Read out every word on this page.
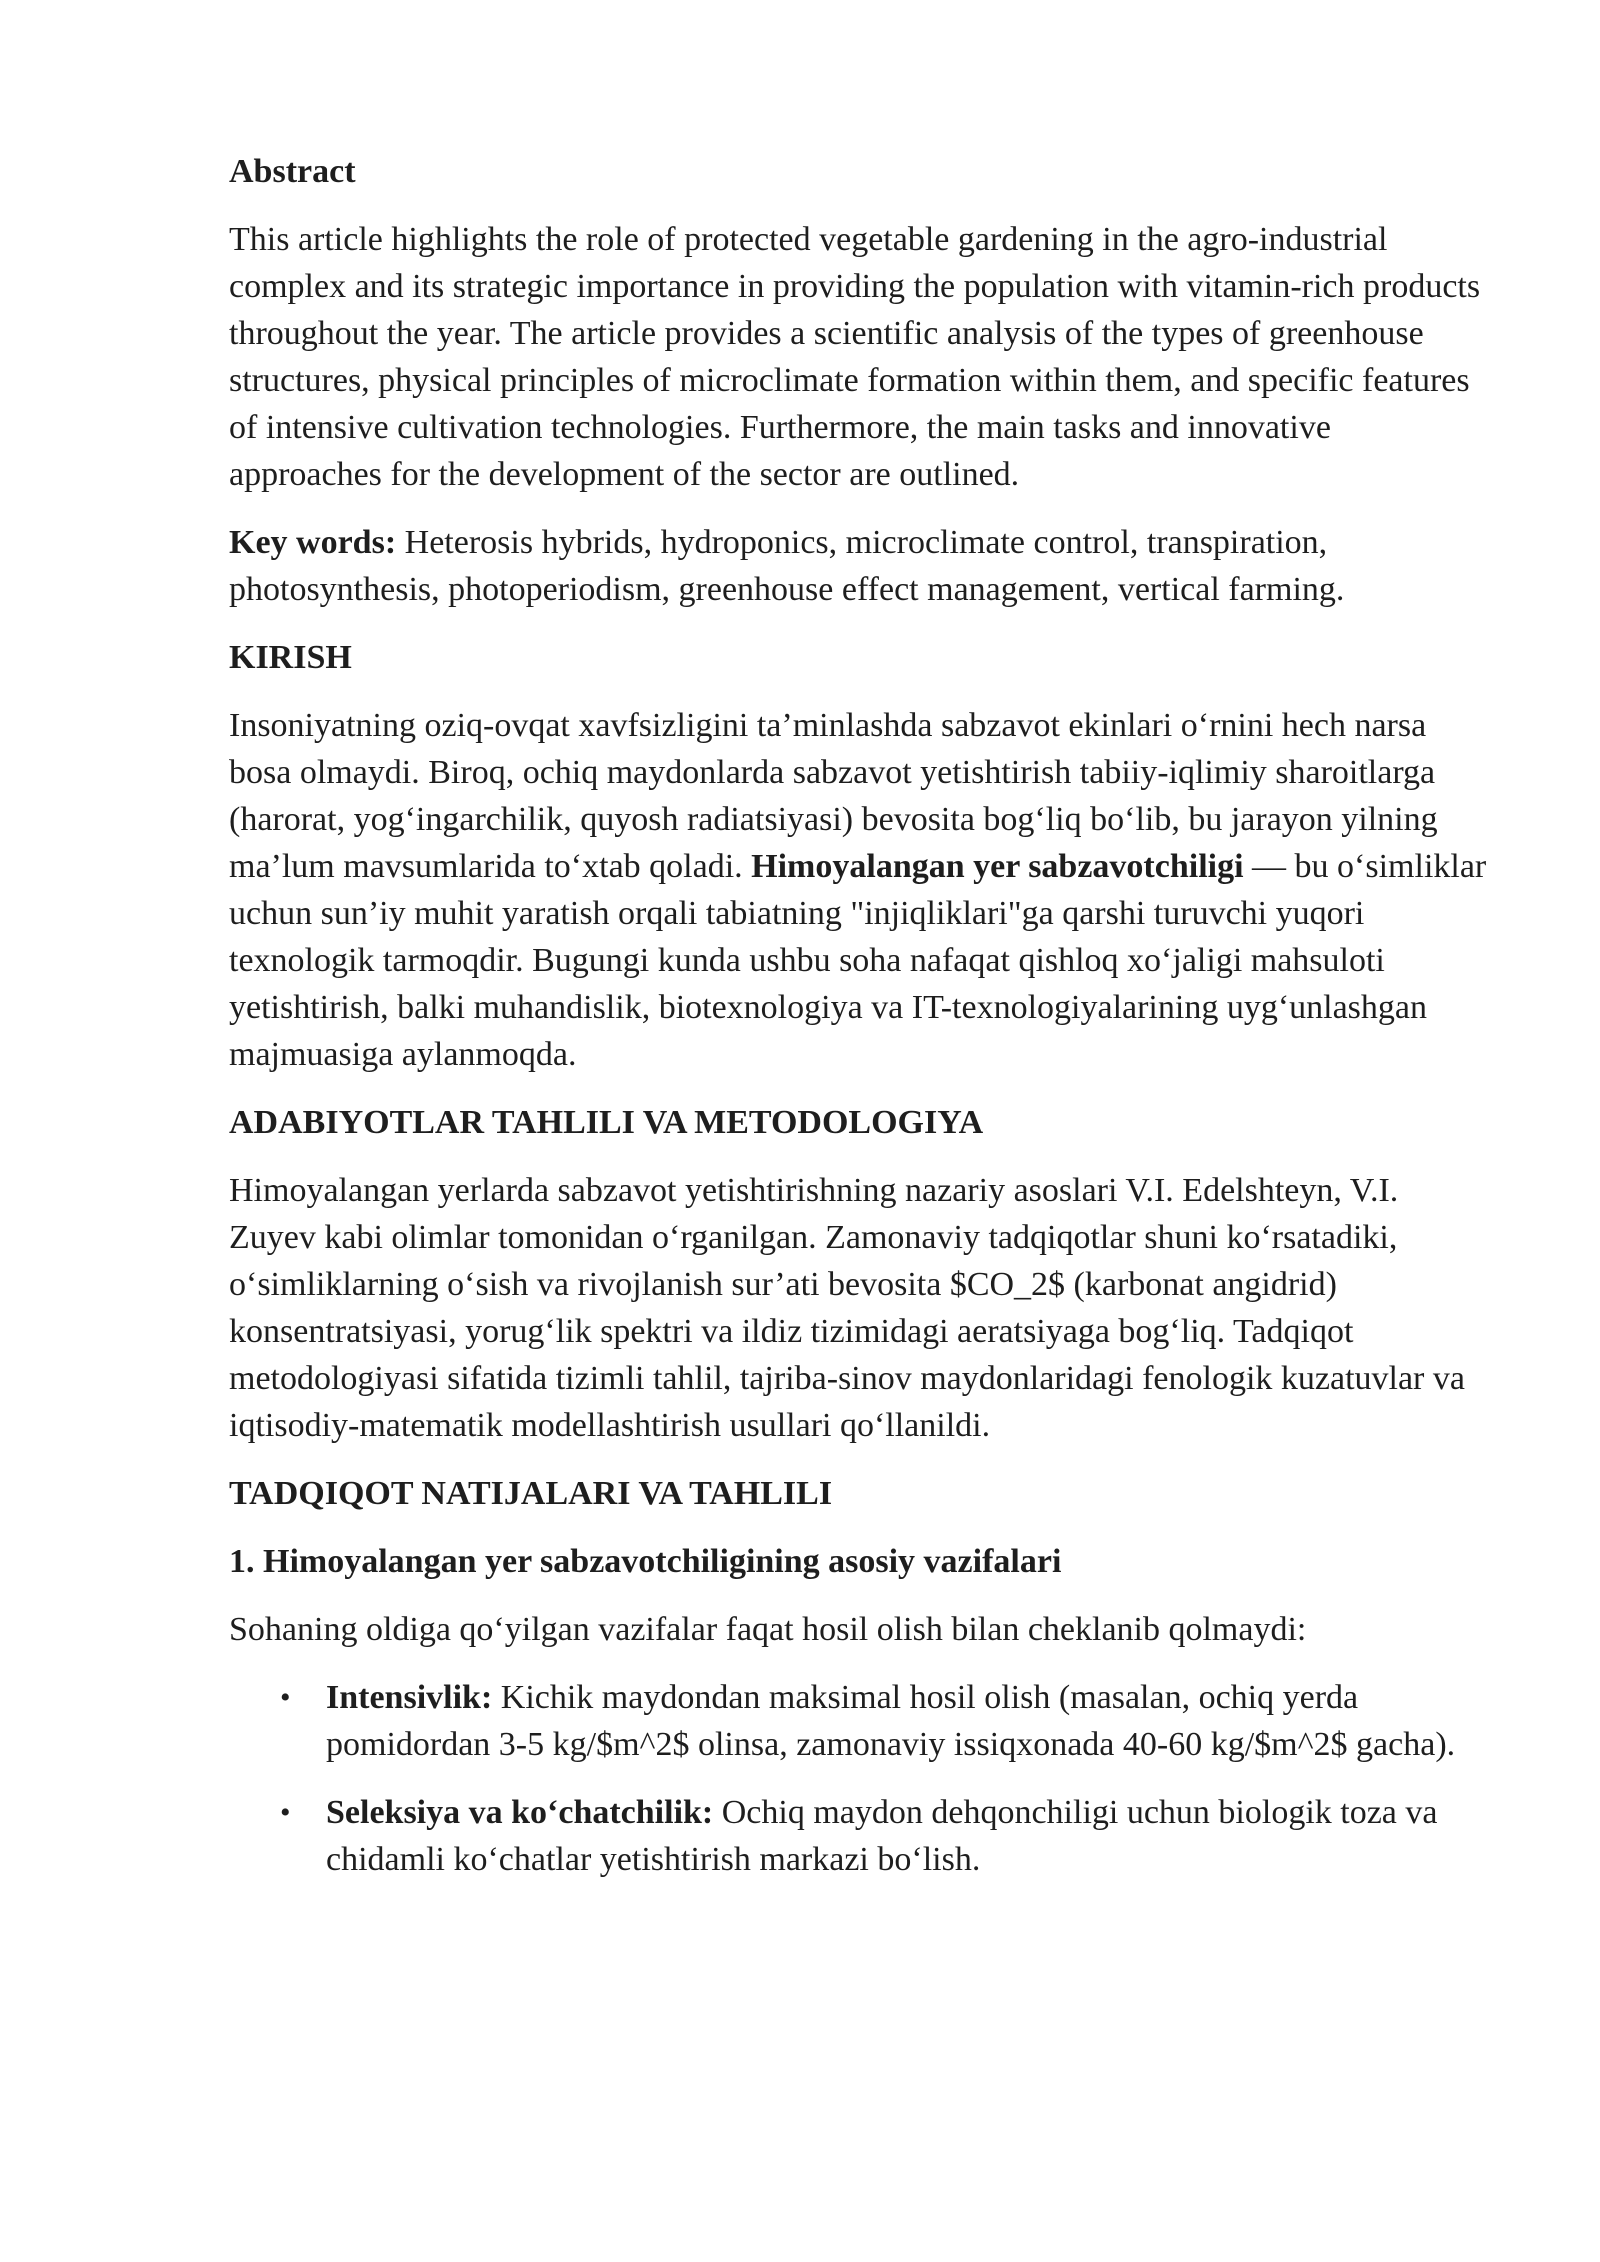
Abstract

This article highlights the role of protected vegetable gardening in the agro-industrial complex and its strategic importance in providing the population with vitamin-rich products throughout the year. The article provides a scientific analysis of the types of greenhouse structures, physical principles of microclimate formation within them, and specific features of intensive cultivation technologies. Furthermore, the main tasks and innovative approaches for the development of the sector are outlined.

Key words: Heterosis hybrids, hydroponics, microclimate control, transpiration, photosynthesis, photoperiodism, greenhouse effect management, vertical farming.

KIRISH

Insoniyatning oziq-ovqat xavfsizligini ta’minlashda sabzavot ekinlari o‘rnini hech narsa bosa olmaydi. Biroq, ochiq maydonlarda sabzavot yetishtirish tabiiy-iqlimiy sharoitlarga (harorat, yog‘ingarchilik, quyosh radiatsiyasi) bevosita bog‘liq bo‘lib, bu jarayon yilning ma’lum mavsumlarida to‘xtab qoladi. Himoyalangan yer sabzavotchiligi — bu o‘simliklar uchun sun’iy muhit yaratish orqali tabiatning "injiqliklari"ga qarshi turuvchi yuqori texnologik tarmoqdir. Bugungi kunda ushbu soha nafaqat qishloq xo‘jaligi mahsuloti yetishtirish, balki muhandislik, biotexnologiya va IT-texnologiyalarining uyg‘unlashgan majmuasiga aylanmoqda.

ADABIYOTLAR TAHLILI VA METODOLOGIYA

Himoyalangan yerlarda sabzavot yetishtirishning nazariy asoslari V.I. Edelshteyn, V.I. Zuyev kabi olimlar tomonidan o‘rganilgan. Zamonaviy tadqiqotlar shuni ko‘rsatadiki, o‘simliklarning o‘sish va rivojlanish sur’ati bevosita $CO_2$ (karbonat angidrid) konsentratsiyasi, yorug‘lik spektri va ildiz tizimidagi aeratsiyaga bog‘liq. Tadqiqot metodologiyasi sifatida tizimli tahlil, tajriba-sinov maydonlaridagi fenologik kuzatuvlar va iqtisodiy-matematik modellashtirish usullari qo‘llanildi.

TADQIQOT NATIJALARI VA TAHLILI
1. Himoyalangan yer sabzavotchiligining asosiy vazifalari

Sohaning oldiga qo‘yilgan vazifalar faqat hosil olish bilan cheklanib qolmaydi:

• Intensivlik: Kichik maydondan maksimal hosil olish (masalan, ochiq yerda pomidordan 3-5 kg/$m^2$ olinsa, zamonaviy issiqxonada 40-60 kg/$m^2$ gacha).
• Seleksiya va ko‘chatchilik: Ochiq maydon dehqonchiligi uchun biologik toza va chidamli ko‘chatlar yetishtirish markazi bo‘lish.
